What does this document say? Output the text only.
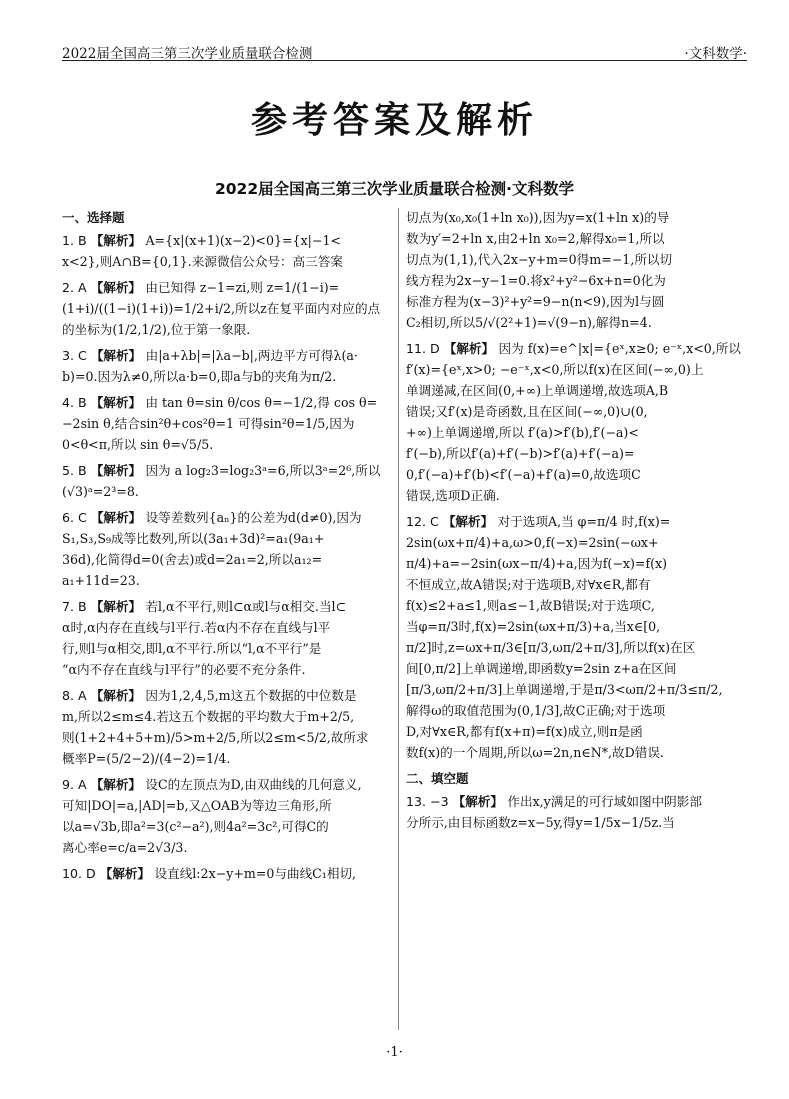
2022届全国高三第三次学业质量联合检测	·文科数学·
参考答案及解析
2022届全国高三第三次学业质量联合检测·文科数学
一、选择题

1. B 【解析】 A={x|(x+1)(x−2)<0}={x|−1<

x<2},则A∩B={0,1}.来源微信公众号：高三答案

2. A 【解析】 由已知得 z−1=zi,则 z=1/(1−i)=

(1+i)/((1−i)(1+i))=1/2+i/2,所以z在复平面内对应的点

的坐标为(1/2,1/2),位于第一象限.

3. C 【解析】 由|a+λb|=|λa−b|,两边平方可得λ(a·

b)=0.因为λ≠0,所以a·b=0,即a与b的夹角为π/2.

4. B 【解析】 由 tan θ=sin θ/cos θ=−1/2,得 cos θ=

−2sin θ,结合sin²θ+cos²θ=1 可得sin²θ=1/5,因为

0<θ<π,所以 sin θ=√5/5.

5. B 【解析】 因为 a log₂3=log₂3ᵃ=6,所以3ᵃ=2⁶,所以

(√3)ᵃ=2³=8.

6. C 【解析】 设等差数列{aₙ}的公差为d(d≠0),因为

S₁,S₃,S₉成等比数列,所以(3a₁+3d)²=a₁(9a₁+

36d),化简得d=0(舍去)或d=2a₁=2,所以a₁₂=

a₁+11d=23.

7. B 【解析】 若l,α不平行,则l⊂α或l与α相交.当l⊂

α时,α内存在直线与l平行.若α内不存在直线与l平

行,则l与α相交,即l,α不平行.所以“l,α不平行”是

“α内不存在直线与l平行”的必要不充分条件.

8. A 【解析】 因为1,2,4,5,m这五个数据的中位数是

m,所以2≤m≤4.若这五个数据的平均数大于m+2/5,

则(1+2+4+5+m)/5>m+2/5,所以2≤m<5/2,故所求

概率P=(5/2−2)/(4−2)=1/4.

9. A 【解析】 设C的左顶点为D,由双曲线的几何意义,

可知|DO|=a,|AD|=b,又△OAB为等边三角形,所

以a=√3b,即a²=3(c²−a²),则4a²=3c²,可得C的

离心率e=c/a=2√3/3.

10. D 【解析】 设直线l:2x−y+m=0与曲线C₁相切,

切点为(x₀,x₀(1+ln x₀)),因为y=x(1+ln x)的导

数为y′=2+ln x,由2+ln x₀=2,解得x₀=1,所以

切点为(1,1),代入2x−y+m=0得m=−1,所以切

线方程为2x−y−1=0.将x²+y²−6x+n=0化为

标准方程为(x−3)²+y²=9−n(n<9),因为l与圆

C₂相切,所以5/√(2²+1)=√(9−n),解得n=4.

11. D 【解析】 因为 f(x)=e^|x|={eˣ,x≥0; e⁻ˣ,x<0,所以

f′(x)={eˣ,x>0; −e⁻ˣ,x<0,所以f(x)在区间(−∞,0)上

单调递减,在区间(0,+∞)上单调递增,故选项A,B

错误;又f′(x)是奇函数,且在区间(−∞,0)∪(0,

+∞)上单调递增,所以 f′(a)>f′(b),f′(−a)<

f′(−b),所以f′(a)+f′(−b)>f′(a)+f′(−a)=

0,f′(−a)+f′(b)<f′(−a)+f′(a)=0,故选项C

错误,选项D正确.

12. C 【解析】 对于选项A,当 φ=π/4 时,f(x)=

2sin(ωx+π/4)+a,ω>0,f(−x)=2sin(−ωx+

π/4)+a=−2sin(ωx−π/4)+a,因为f(−x)=f(x)

不恒成立,故A错误;对于选项B,对∀x∈R,都有

f(x)≤2+a≤1,则a≤−1,故B错误;对于选项C,

当φ=π/3时,f(x)=2sin(ωx+π/3)+a,当x∈[0,

π/2]时,z=ωx+π/3∈[π/3,ωπ/2+π/3],所以f(x)在区

间[0,π/2]上单调递增,即函数y=2sin z+a在区间

[π/3,ωπ/2+π/3]上单调递增,于是π/3<ωπ/2+π/3≤π/2,

解得ω的取值范围为(0,1/3],故C正确;对于选项

D,对∀x∈R,都有f(x+π)=f(x)成立,则π是函

数f(x)的一个周期,所以ω=2n,n∈N*,故D错误.

二、填空题

13. −3 【解析】 作出x,y满足的可行域如图中阴影部

分所示,由目标函数z=x−5y,得y=1/5x−1/5z.当

·1·
